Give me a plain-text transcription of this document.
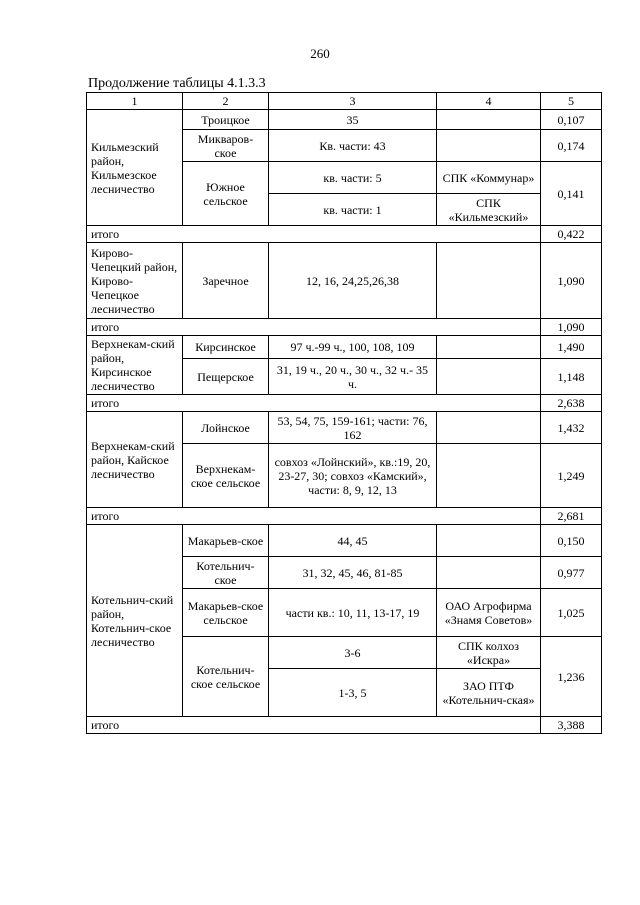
260
Продолжение таблицы 4.1.3.3
1	2	3	4	5
Кильмезский район, Кильмезское лесничество	Троицкое	35		0,107
	Микваров-ское	Кв. части: 43		0,174
	Южное сельское	кв. части: 5	СПК «Коммунар»	0,141
		кв. части: 1	СПК «Кильмезский»	
итого				0,422
Кирово-Чепецкий район, Кирово-Чепецкое лесничество	Заречное	12, 16, 24,25,26,38		1,090
итого				1,090
Верхнекам-ский район, Кирсинское лесничество	Кирсинское	97 ч.-99 ч., 100, 108, 109		1,490
	Пещерское	31, 19 ч., 20 ч., 30 ч., 32 ч.- 35 ч.		1,148
итого				2,638
Верхнекам-ский район, Кайское лесничество	Лойнское	53, 54, 75, 159-161; части: 76, 162		1,432
	Верхнекам-ское сельское	совхоз «Лойнский», кв.:19, 20, 23-27, 30; совхоз «Камский», части: 8, 9, 12, 13		1,249
итого				2,681
Котельнич-ский район, Котельнич-ское лесничество	Макарьев-ское	44, 45		0,150
	Котельнич-ское	31, 32, 45, 46, 81-85		0,977
	Макарьев-ское сельское	части кв.: 10, 11, 13-17, 19	ОАО Агрофирма «Знамя Советов»	1,025
	Котельнич-ское сельское	3-6	СПК колхоз «Искра»	1,236
		1-3, 5	ЗАО ПТФ «Котельнич-ская»	
итого				3,388
